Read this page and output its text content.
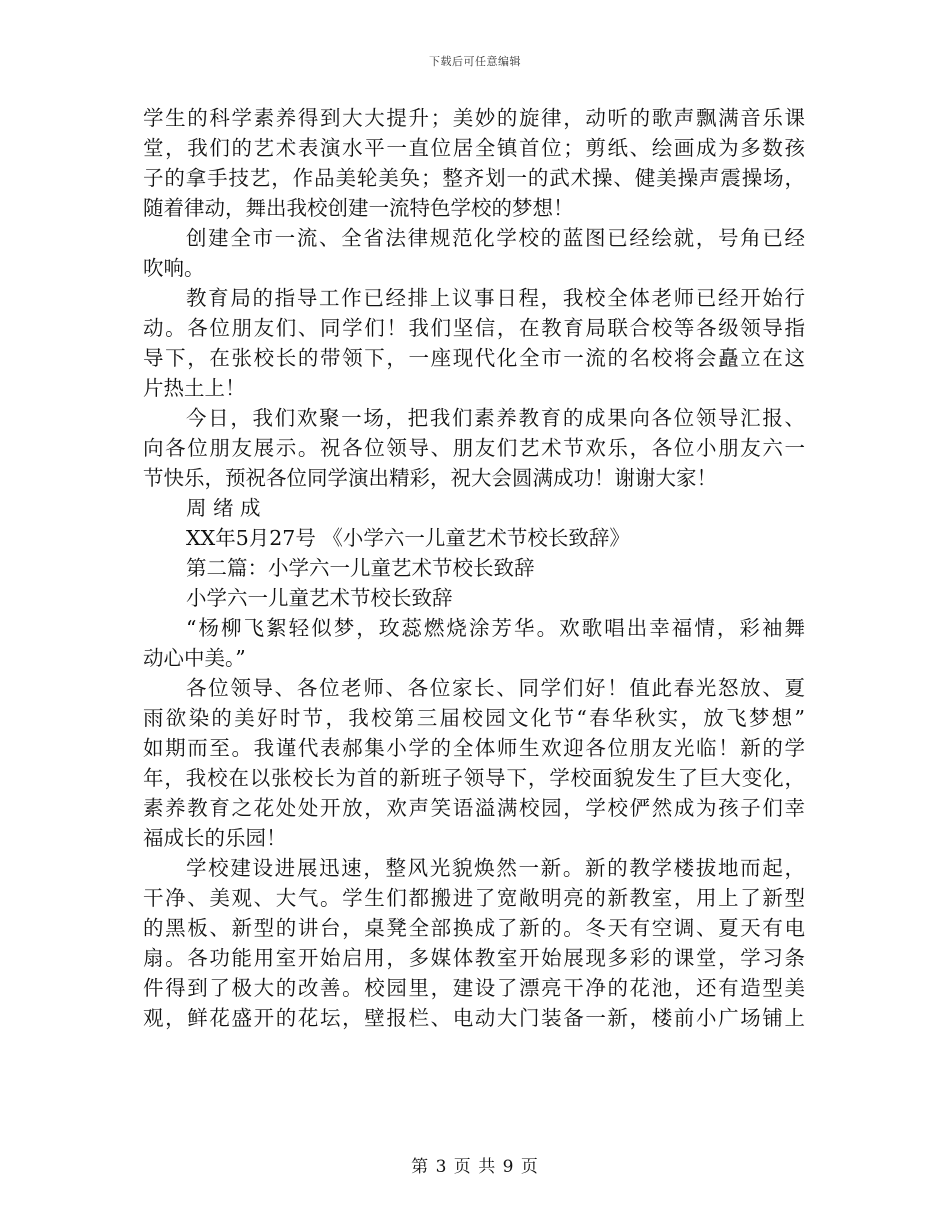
下载后可任意编辑
学生的科学素养得到大大提升；美妙的旋律，动听的歌声飘满音乐课
堂，我们的艺术表演水平一直位居全镇首位；剪纸、绘画成为多数孩
子的拿手技艺，作品美轮美奂；整齐划一的武术操、健美操声震操场，
随着律动，舞出我校创建一流特色学校的梦想！
创建全市一流、全省法律规范化学校的蓝图已经绘就，号角已经
吹响。
教育局的指导工作已经排上议事日程，我校全体老师已经开始行
动。各位朋友们、同学们！我们坚信，在教育局联合校等各级领导指
导下，在张校长的带领下，一座现代化全市一流的名校将会矗立在这
片热土上！
今日，我们欢聚一场，把我们素养教育的成果向各位领导汇报、
向各位朋友展示。祝各位领导、朋友们艺术节欢乐，各位小朋友六一
节快乐，预祝各位同学演出精彩，祝大会圆满成功！谢谢大家！
周 绪 成
XX年5月27号 《小学六一儿童艺术节校长致辞》
第二篇：小学六一儿童艺术节校长致辞
小学六一儿童艺术节校长致辞
“杨柳飞絮轻似梦，玫蕊燃烧涂芳华。欢歌唱出幸福情，彩袖舞
动心中美。”
各位领导、各位老师、各位家长、同学们好！值此春光怒放、夏
雨欲染的美好时节，我校第三届校园文化节“春华秋实，放飞梦想”
如期而至。我谨代表郝集小学的全体师生欢迎各位朋友光临！新的学
年，我校在以张校长为首的新班子领导下，学校面貌发生了巨大变化，
素养教育之花处处开放，欢声笑语溢满校园，学校俨然成为孩子们幸
福成长的乐园！
学校建设进展迅速，整风光貌焕然一新。新的教学楼拔地而起，
干净、美观、大气。学生们都搬进了宽敞明亮的新教室，用上了新型
的黑板、新型的讲台，桌凳全部换成了新的。冬天有空调、夏天有电
扇。各功能用室开始启用，多媒体教室开始展现多彩的课堂，学习条
件得到了极大的改善。校园里，建设了漂亮干净的花池，还有造型美
观，鲜花盛开的花坛，壁报栏、电动大门装备一新，楼前小广场铺上
第 3 页 共 9 页
